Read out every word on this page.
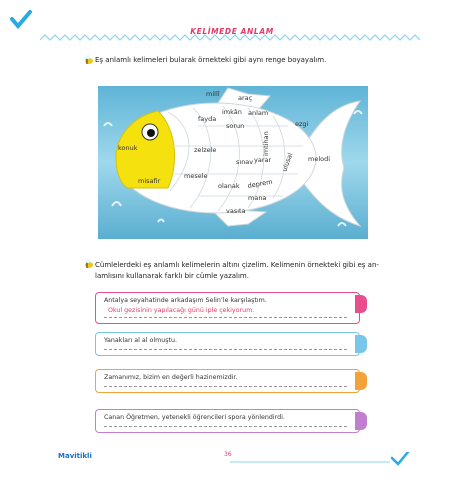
KELİMEDE ANLAM
Eş anlamlı kelimeleri bularak örnekteki gibi aynı renge boyayalım.
millî	araç
fayda
imkân anlam
ezgi
sorun
konuk	zelzele	imtihan
ulusal melodi
sınav yarar
misafir
mesele
olanak deprem
mana
vasıta
Cümlelerdeki eş anlamlı kelimelerin altını çizelim. Kelimenin örnekteki gibi eş an-
lamlısını kullanarak farklı bir cümle yazalım.
Antalya seyahatinde arkadaşım Selin’le karşılaştım.
Okul gezisinin yapılacağı günü iple çekiyorum.
Yanakları al al olmuştu.
Zamanımız, bizim en değerli hazinemizdir.
Canan Öğretmen, yetenekli öğrencileri spora yönlendirdi.
Mavitikli	36
